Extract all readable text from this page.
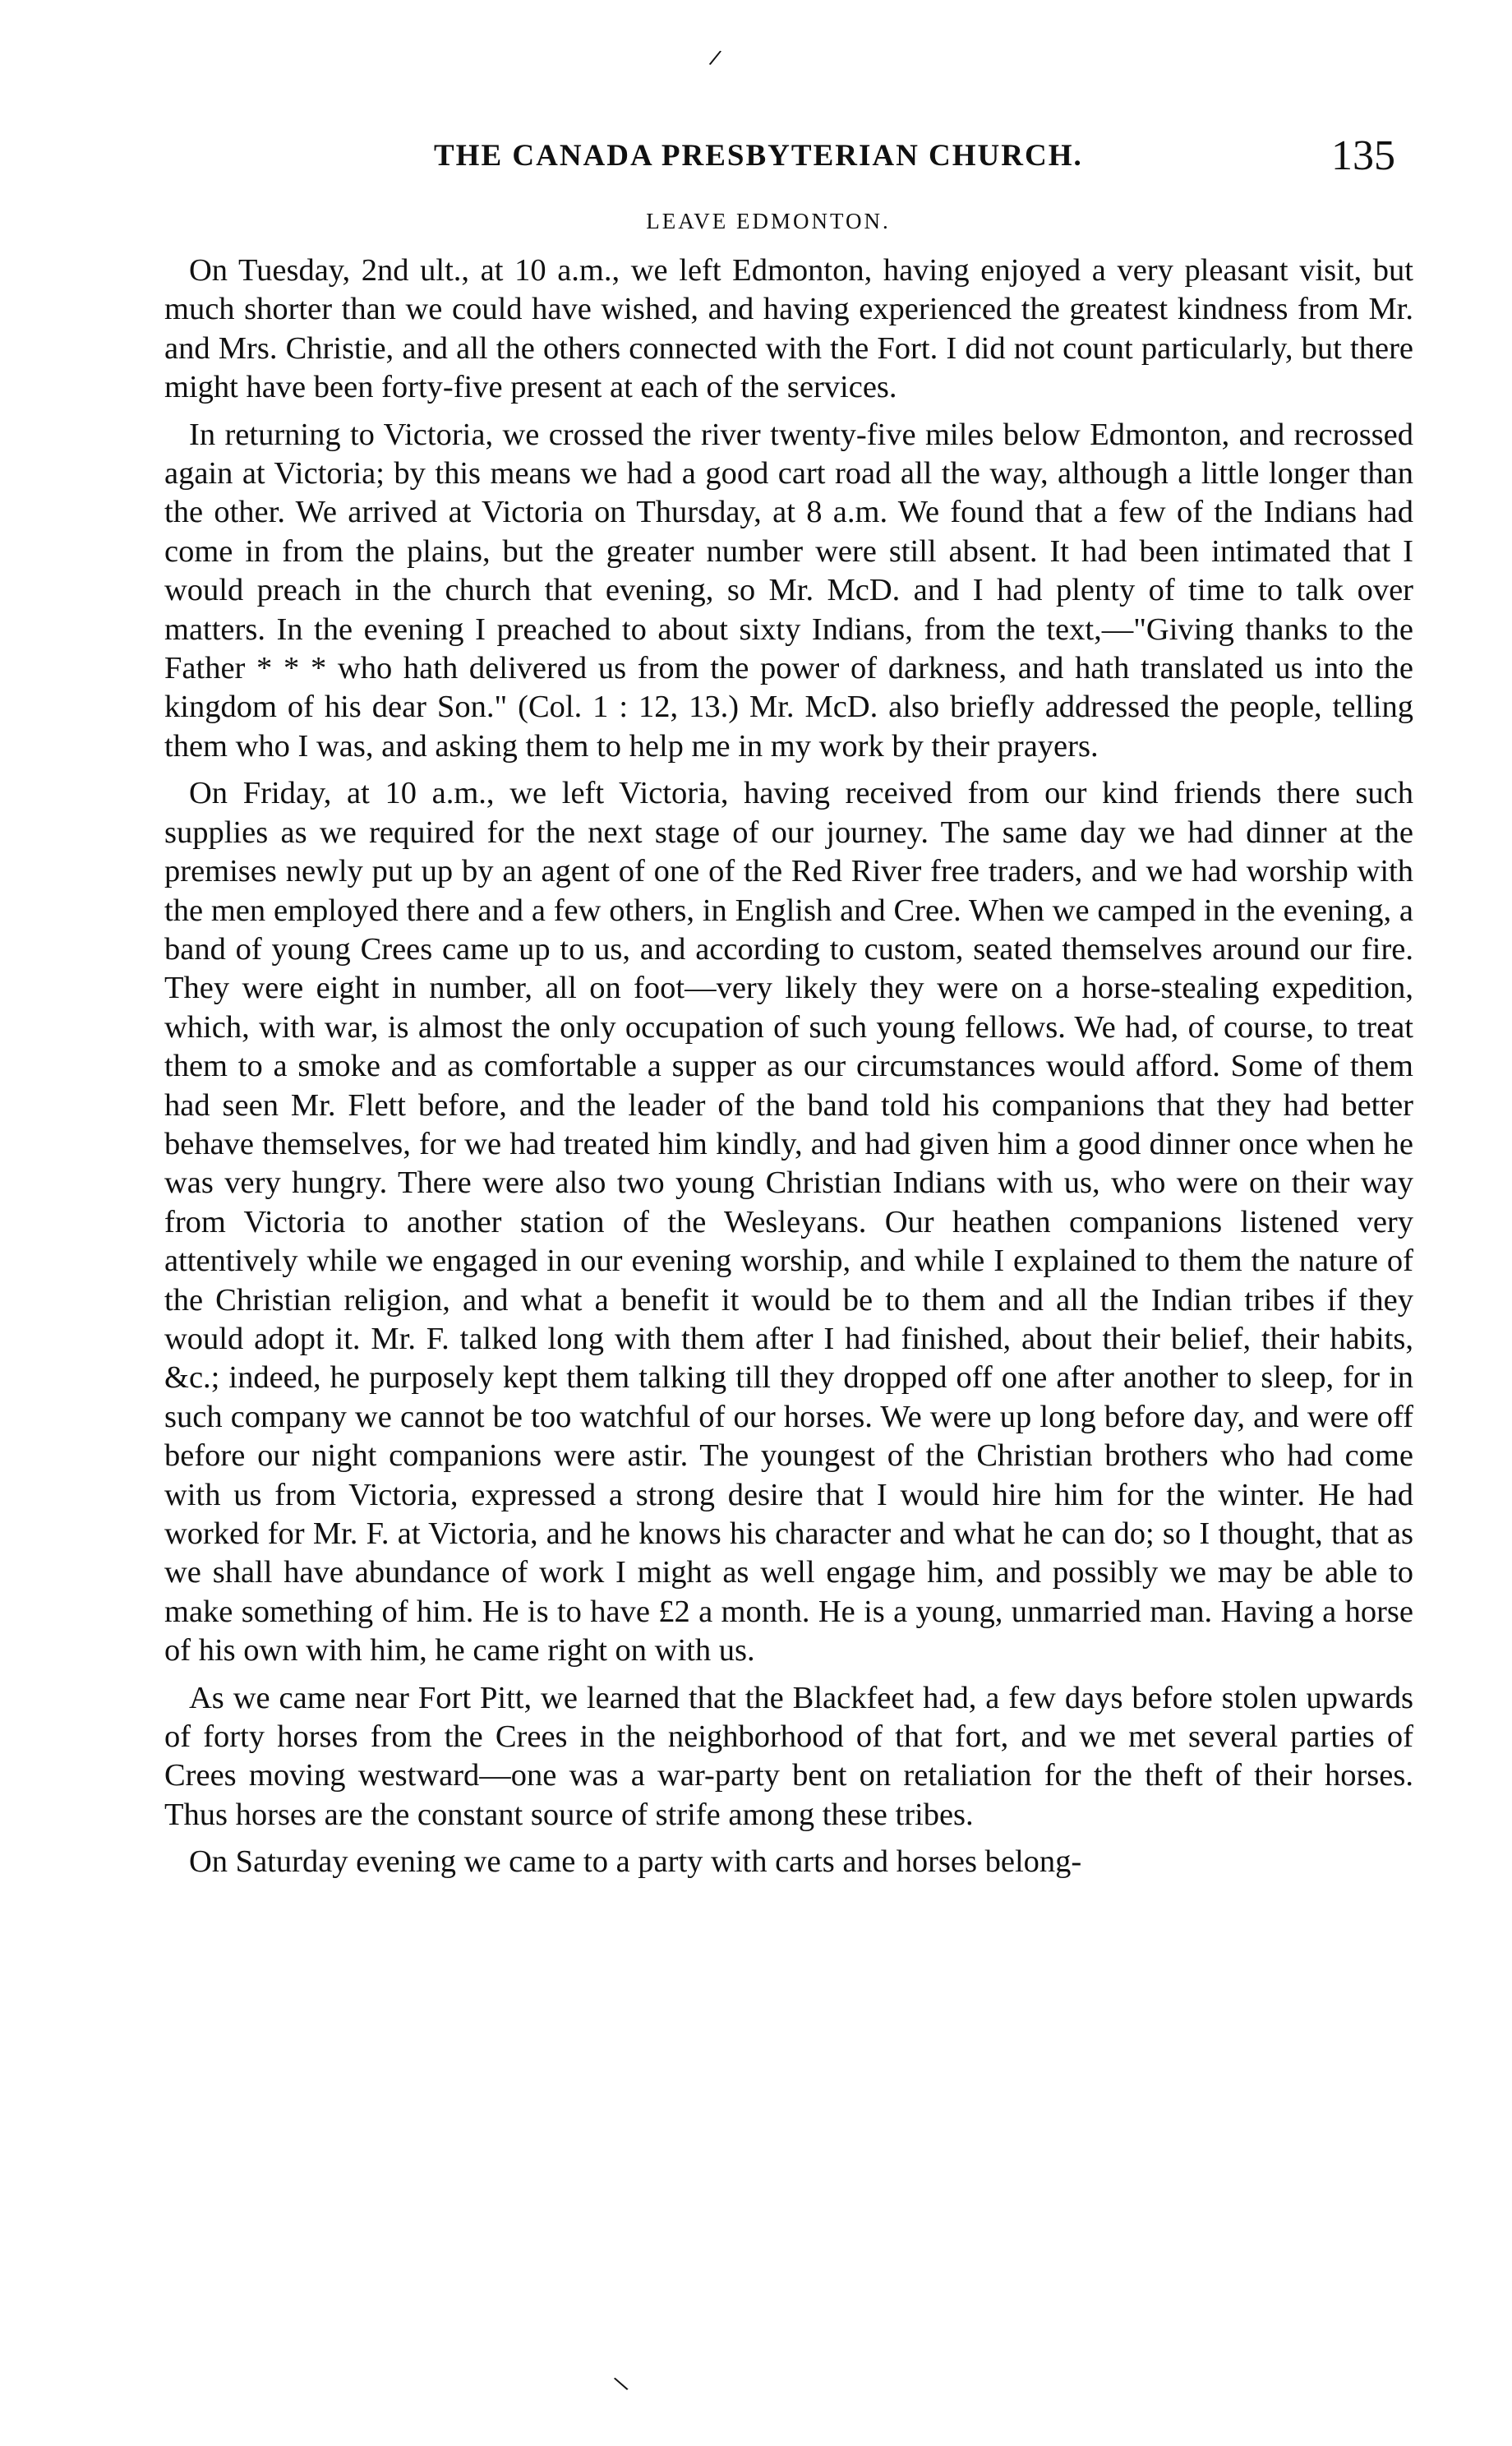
/
THE CANADA PRESBYTERIAN CHURCH.	135
LEAVE EDMONTON.

On Tuesday, 2nd ult., at 10 a.m., we left Edmonton, having enjoyed a very pleasant visit, but much shorter than we could have wished, and having experienced the greatest kindness from Mr. and Mrs. Christie, and all the others connected with the Fort. I did not count particularly, but there might have been forty-five present at each of the services.

In returning to Victoria, we crossed the river twenty-five miles below Edmonton, and recrossed again at Victoria; by this means we had a good cart road all the way, although a little longer than the other. We arrived at Victoria on Thursday, at 8 a.m. We found that a few of the Indians had come in from the plains, but the greater number were still absent. It had been intimated that I would preach in the church that evening, so Mr. McD. and I had plenty of time to talk over matters. In the evening I preached to about sixty Indians, from the text,—"Giving thanks to the Father * * * who hath delivered us from the power of darkness, and hath translated us into the kingdom of his dear Son." (Col. 1 : 12, 13.) Mr. McD. also briefly addressed the people, telling them who I was, and asking them to help me in my work by their prayers.

On Friday, at 10 a.m., we left Victoria, having received from our kind friends there such supplies as we required for the next stage of our journey. The same day we had dinner at the premises newly put up by an agent of one of the Red River free traders, and we had worship with the men employed there and a few others, in English and Cree. When we camped in the evening, a band of young Crees came up to us, and according to custom, seated themselves around our fire. They were eight in number, all on foot—very likely they were on a horse-stealing expedition, which, with war, is almost the only occupation of such young fellows. We had, of course, to treat them to a smoke and as comfortable a supper as our circumstances would afford. Some of them had seen Mr. Flett before, and the leader of the band told his companions that they had better behave themselves, for we had treated him kindly, and had given him a good dinner once when he was very hungry. There were also two young Christian Indians with us, who were on their way from Victoria to another station of the Wesleyans. Our heathen companions listened very attentively while we engaged in our evening worship, and while I explained to them the nature of the Christian religion, and what a benefit it would be to them and all the Indian tribes if they would adopt it. Mr. F. talked long with them after I had finished, about their belief, their habits, &c.; indeed, he purposely kept them talking till they dropped off one after another to sleep, for in such company we cannot be too watchful of our horses. We were up long before day, and were off before our night companions were astir. The youngest of the Christian brothers who had come with us from Victoria, expressed a strong desire that I would hire him for the winter. He had worked for Mr. F. at Victoria, and he knows his character and what he can do; so I thought, that as we shall have abundance of work I might as well engage him, and possibly we may be able to make something of him. He is to have £2 a month. He is a young, unmarried man. Having a horse of his own with him, he came right on with us.

As we came near Fort Pitt, we learned that the Blackfeet had, a few days before stolen upwards of forty horses from the Crees in the neighborhood of that fort, and we met several parties of Crees moving westward—one was a war-party bent on retaliation for the theft of their horses. Thus horses are the constant source of strife among these tribes.

On Saturday evening we came to a party with carts and horses belong-

\
